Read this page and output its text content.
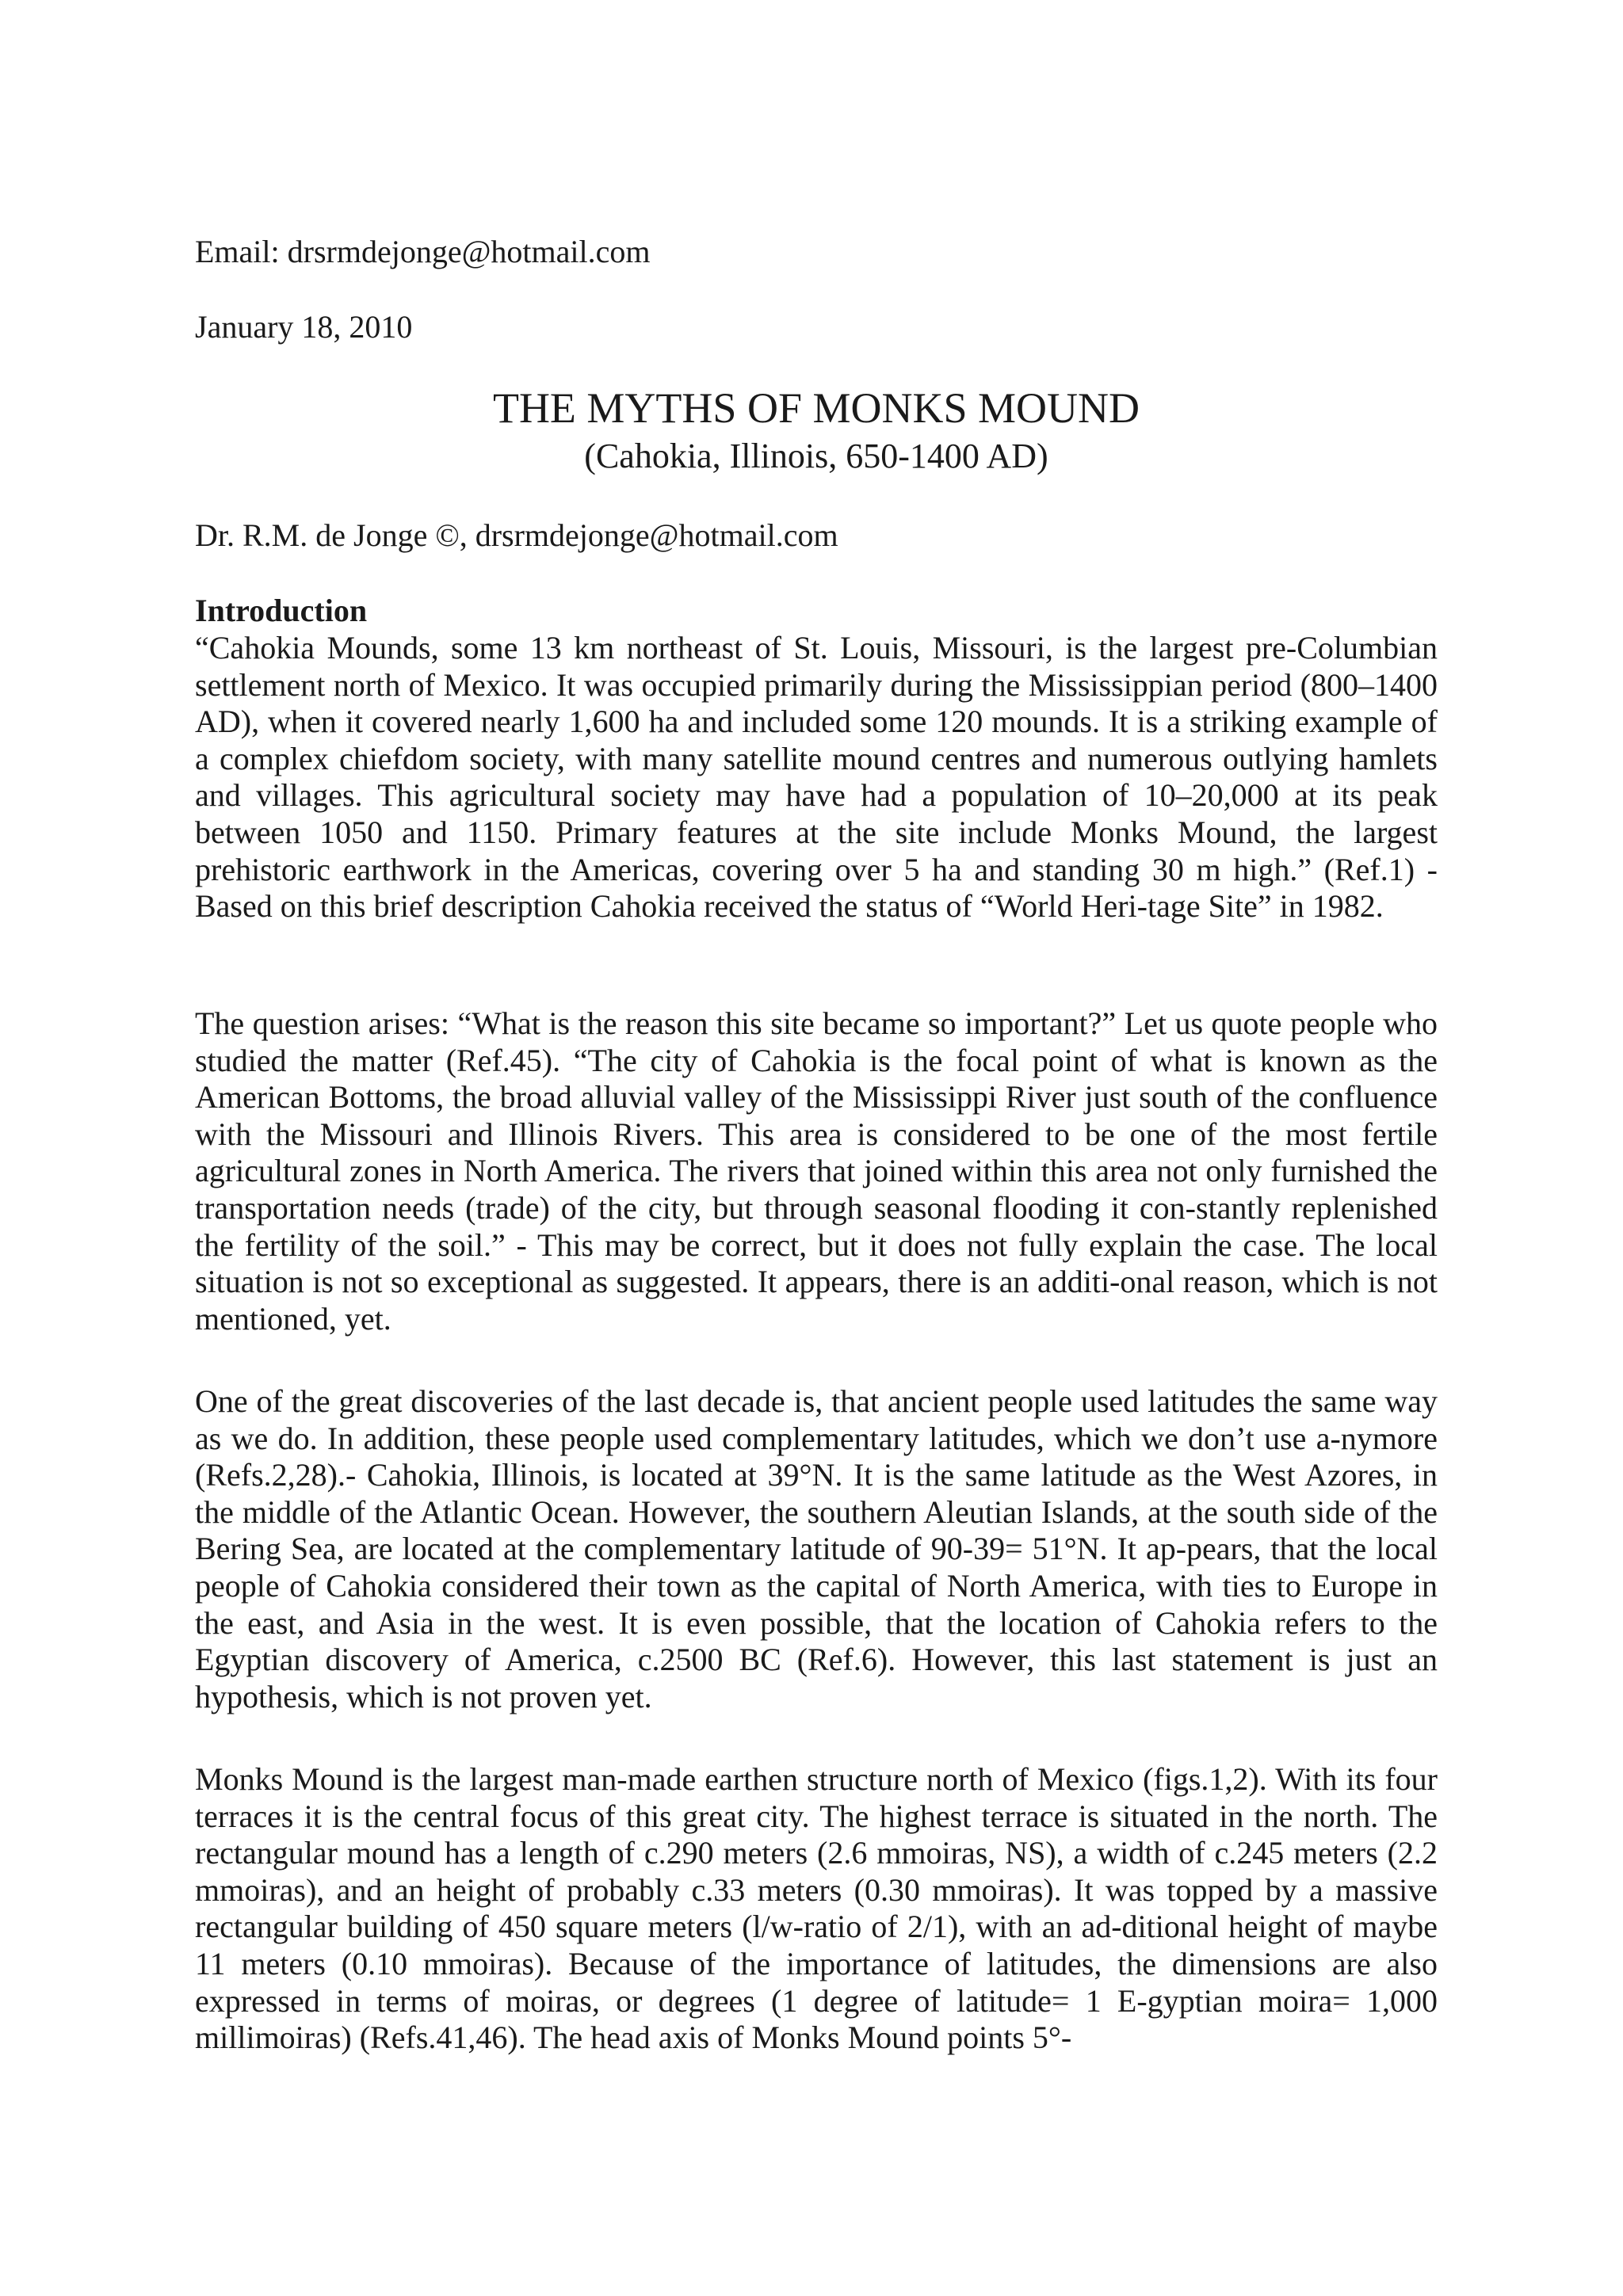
Email: drsrmdejonge@hotmail.com
January 18, 2010
THE MYTHS OF MONKS MOUND
(Cahokia, Illinois, 650-1400 AD)
Dr. R.M. de Jonge ©, drsrmdejonge@hotmail.com
Introduction
“Cahokia Mounds, some 13 km northeast of St. Louis, Missouri, is the largest pre-Columbian settlement north of Mexico. It was occupied primarily during the Mississippian period (800–1400 AD), when it covered nearly 1,600 ha and included some 120 mounds. It is a striking example of a complex chiefdom society, with many satellite mound centres and numerous outlying hamlets and villages. This agricultural society may have had a population of 10–20,000 at its peak between 1050 and 1150. Primary features at the site include Monks Mound, the largest prehistoric earthwork in the Americas, covering over 5 ha and standing 30 m high.” (Ref.1) - Based on this brief description Cahokia received the status of “World Heri-tage Site” in 1982.
The question arises: “What is the reason this site became so important?” Let us quote people who studied the matter (Ref.45). “The city of Cahokia is the focal point of what is known as the American Bottoms, the broad alluvial valley of the Mississippi River just south of the confluence with the Missouri and Illinois Rivers. This area is considered to be one of the most fertile agricultural zones in North America. The rivers that joined within this area not only furnished the transportation needs (trade) of the city, but through seasonal flooding it con-stantly replenished the fertility of the soil.” - This may be correct, but it does not fully explain the case. The local situation is not so exceptional as suggested. It appears, there is an additi-onal reason, which is not mentioned, yet.
One of the great discoveries of the last decade is, that ancient people used latitudes the same way as we do. In addition, these people used complementary latitudes, which we don’t use a-nymore (Refs.2,28).- Cahokia, Illinois, is located at 39°N. It is the same latitude as the West Azores, in the middle of the Atlantic Ocean. However, the southern Aleutian Islands, at the south side of the Bering Sea, are located at the complementary latitude of 90-39= 51°N. It ap-pears, that the local people of Cahokia considered their town as the capital of North America, with ties to Europe in the east, and Asia in the west. It is even possible, that the location of Cahokia refers to the Egyptian discovery of America, c.2500 BC (Ref.6). However, this last statement is just an hypothesis, which is not proven yet.
Monks Mound is the largest man-made earthen structure north of Mexico (figs.1,2). With its four terraces it is the central focus of this great city. The highest terrace is situated in the north. The rectangular mound has a length of c.290 meters (2.6 mmoiras, NS), a width of c.245 meters (2.2 mmoiras), and an height of probably c.33 meters (0.30 mmoiras). It was topped by a massive rectangular building of 450 square meters (l/w-ratio of 2/1), with an ad-ditional height of maybe 11 meters (0.10 mmoiras). Because of the importance of latitudes, the dimensions are also expressed in terms of moiras, or degrees (1 degree of latitude= 1 E-gyptian moira= 1,000 millimoiras) (Refs.41,46). The head axis of Monks Mound points 5°-
